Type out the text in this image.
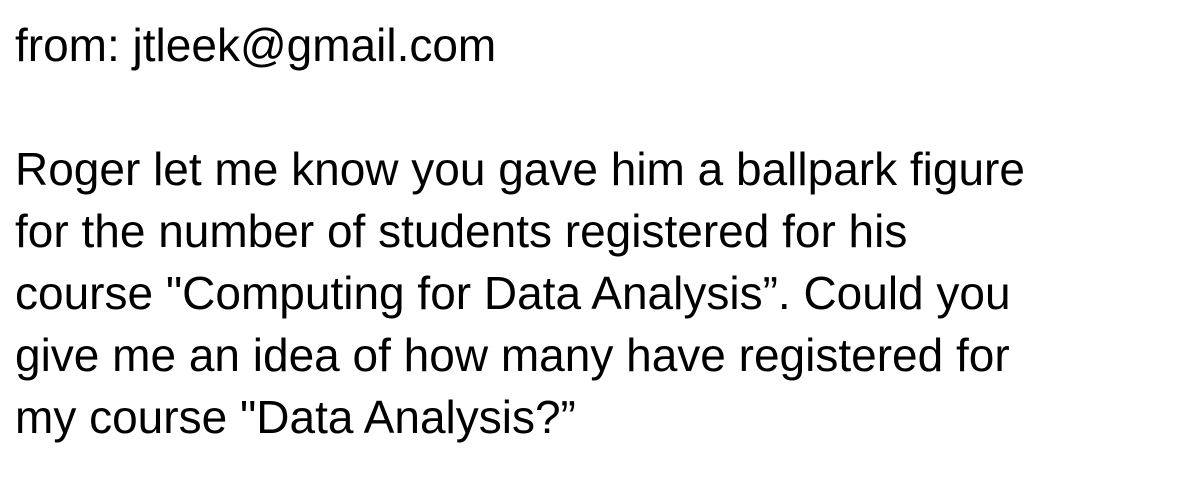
from: jtleek@gmail.com
Roger let me know you gave him a ballpark figure
for the number of students registered for his
course "Computing for Data Analysis”. Could you
give me an idea of how many have registered for
my course "Data Analysis?”
